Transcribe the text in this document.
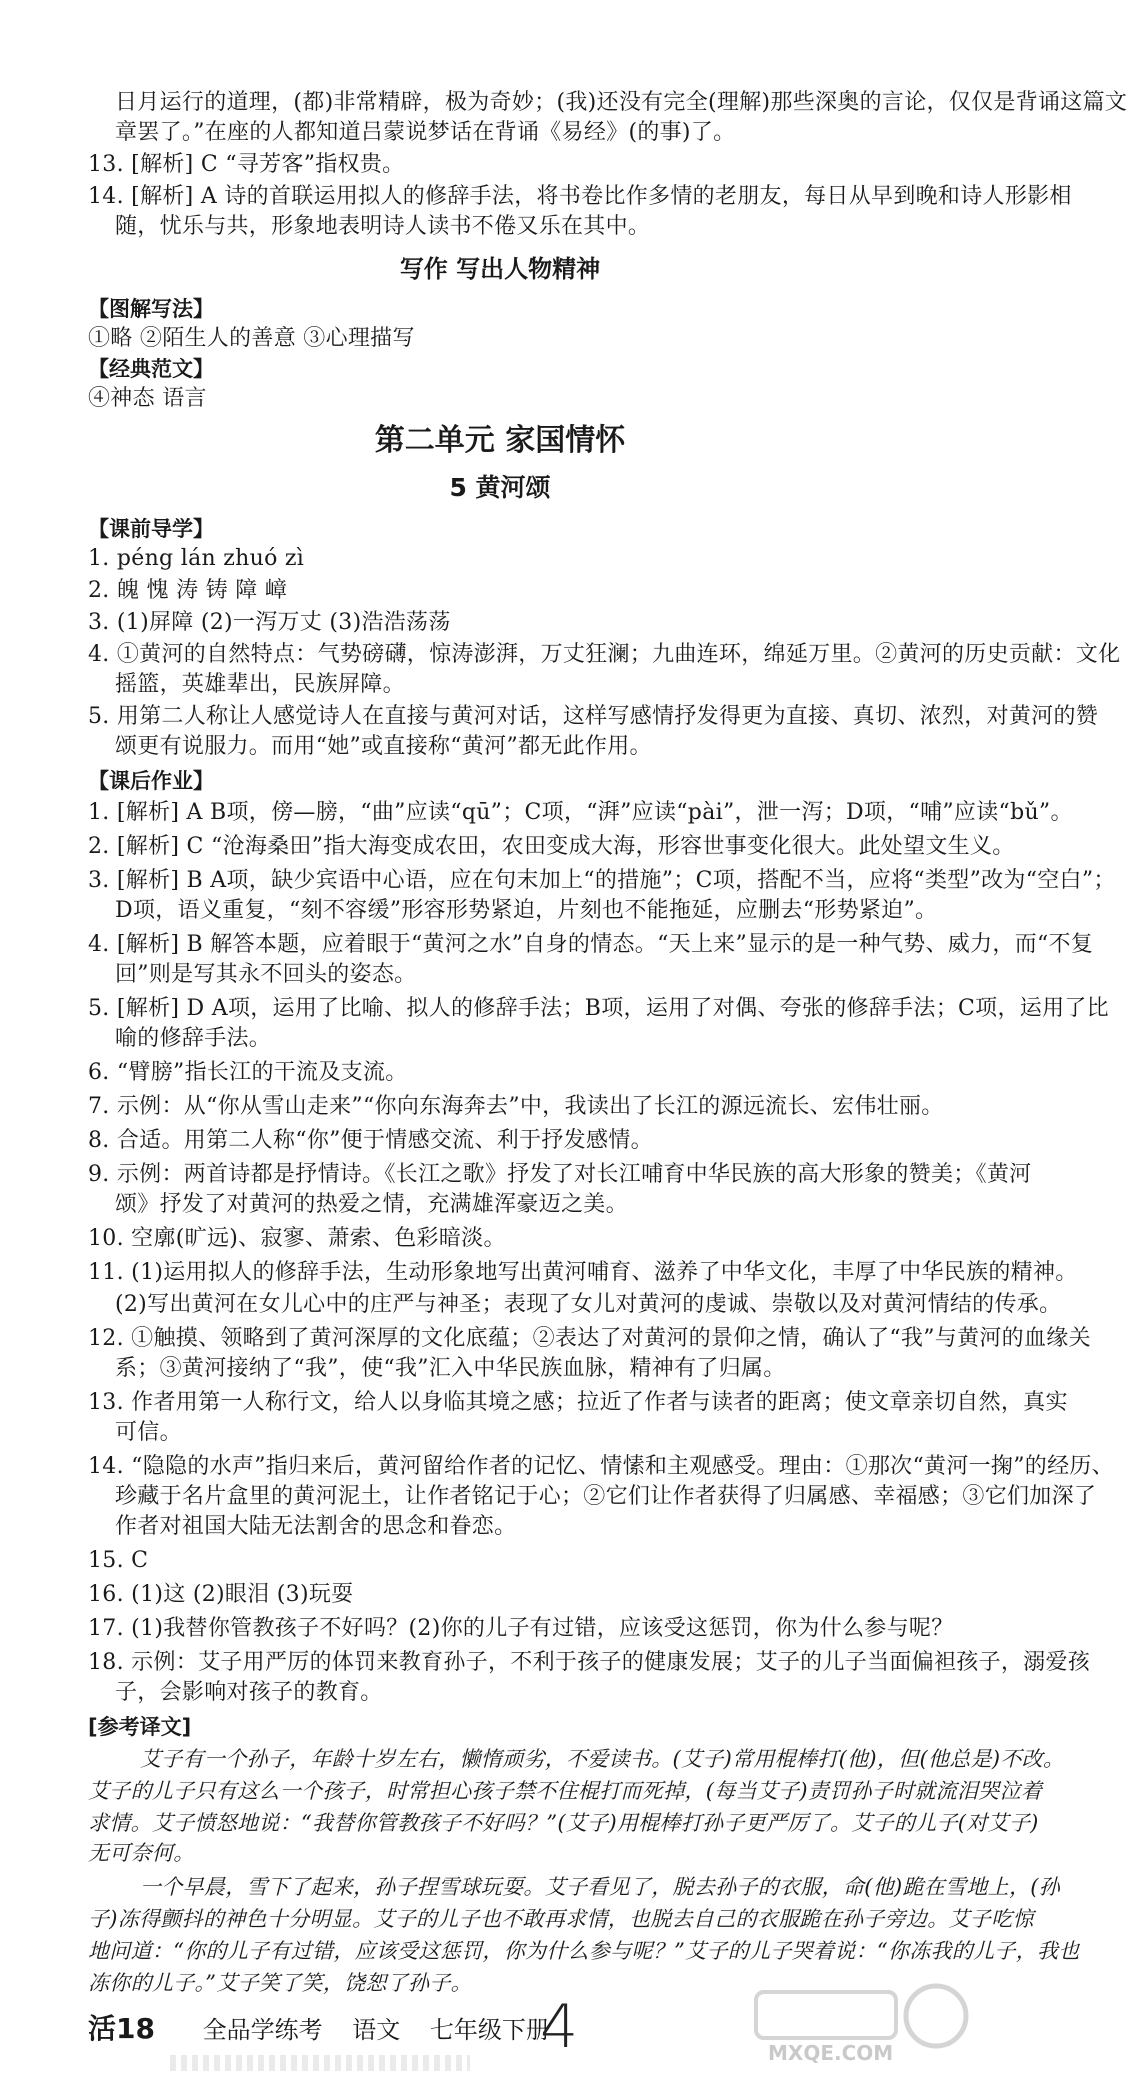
日月运行的道理，(都)非常精辟，极为奇妙；(我)还没有完全(理解)那些深奥的言论，仅仅是背诵这篇文
章罢了。”在座的人都知道吕蒙说梦话在背诵《易经》(的事)了。
13. [解析] C “寻芳客”指权贵。
14. [解析] A 诗的首联运用拟人的修辞手法，将书卷比作多情的老朋友，每日从早到晚和诗人形影相
随，忧乐与共，形象地表明诗人读书不倦又乐在其中。
写作 写出人物精神
【图解写法】
①略 ②陌生人的善意 ③心理描写
【经典范文】
④神态 语言
第二单元 家国情怀
5 黄河颂
【课前导学】
1. péng lán zhuó zì
2. 魄 愧 涛 铸 障 嶂
3. (1)屏障 (2)一泻万丈 (3)浩浩荡荡
4. ①黄河的自然特点：气势磅礴，惊涛澎湃，万丈狂澜；九曲连环，绵延万里。②黄河的历史贡献：文化
摇篮，英雄辈出，民族屏障。
5. 用第二人称让人感觉诗人在直接与黄河对话，这样写感情抒发得更为直接、真切、浓烈，对黄河的赞
颂更有说服力。而用“她”或直接称“黄河”都无此作用。
【课后作业】
1. [解析] A B项，傍—膀，“曲”应读“qū”；C项，“湃”应读“pài”，泄一泻；D项，“哺”应读“bǔ”。
2. [解析] C “沧海桑田”指大海变成农田，农田变成大海，形容世事变化很大。此处望文生义。
3. [解析] B A项，缺少宾语中心语，应在句末加上“的措施”；C项，搭配不当，应将“类型”改为“空白”；
D项，语义重复，“刻不容缓”形容形势紧迫，片刻也不能拖延，应删去“形势紧迫”。
4. [解析] B 解答本题，应着眼于“黄河之水”自身的情态。“天上来”显示的是一种气势、威力，而“不复
回”则是写其永不回头的姿态。
5. [解析] D A项，运用了比喻、拟人的修辞手法；B项，运用了对偶、夸张的修辞手法；C项，运用了比
喻的修辞手法。
6. “臂膀”指长江的干流及支流。
7. 示例：从“你从雪山走来”“你向东海奔去”中，我读出了长江的源远流长、宏伟壮丽。
8. 合适。用第二人称“你”便于情感交流、利于抒发感情。
9. 示例：两首诗都是抒情诗。《长江之歌》抒发了对长江哺育中华民族的高大形象的赞美；《黄河
颂》抒发了对黄河的热爱之情，充满雄浑豪迈之美。
10. 空廓(旷远)、寂寥、萧索、色彩暗淡。
11. (1)运用拟人的修辞手法，生动形象地写出黄河哺育、滋养了中华文化，丰厚了中华民族的精神。
(2)写出黄河在女儿心中的庄严与神圣；表现了女儿对黄河的虔诚、崇敬以及对黄河情结的传承。
12. ①触摸、领略到了黄河深厚的文化底蕴；②表达了对黄河的景仰之情，确认了“我”与黄河的血缘关
系；③黄河接纳了“我”，使“我”汇入中华民族血脉，精神有了归属。
13. 作者用第一人称行文，给人以身临其境之感；拉近了作者与读者的距离；使文章亲切自然，真实
可信。
14. “隐隐的水声”指归来后，黄河留给作者的记忆、情愫和主观感受。理由：①那次“黄河一掬”的经历、
珍藏于名片盒里的黄河泥土，让作者铭记于心；②它们让作者获得了归属感、幸福感；③它们加深了
作者对祖国大陆无法割舍的思念和眷恋。
15. C
16. (1)这 (2)眼泪 (3)玩耍
17. (1)我替你管教孩子不好吗？(2)你的儿子有过错，应该受这惩罚，你为什么参与呢？
18. 示例：艾子用严厉的体罚来教育孙子，不利于孩子的健康发展；艾子的儿子当面偏袒孩子，溺爱孩
子，会影响对孩子的教育。
[参考译文]
艾子有一个孙子，年龄十岁左右，懒惰顽劣，不爱读书。(艾子)常用棍棒打(他)，但(他总是)不改。
艾子的儿子只有这么一个孩子，时常担心孩子禁不住棍打而死掉，(每当艾子)责罚孙子时就流泪哭泣着
求情。艾子愤怒地说：“我替你管教孩子不好吗？”(艾子)用棍棒打孙子更严厉了。艾子的儿子(对艾子)
无可奈何。
一个早晨，雪下了起来，孙子捏雪球玩耍。艾子看见了，脱去孙子的衣服，命(他)跪在雪地上，(孙
子)冻得颤抖的神色十分明显。艾子的儿子也不敢再求情，也脱去自己的衣服跪在孙子旁边。艾子吃惊
地问道：“你的儿子有过错，应该受这惩罚，你为什么参与呢？”艾子的儿子哭着说：“你冻我的儿子，我也
冻你的儿子。”艾子笑了笑，饶恕了孙子。
活18 全品学练考 语文 七年级下册
4	MXQE.COM
